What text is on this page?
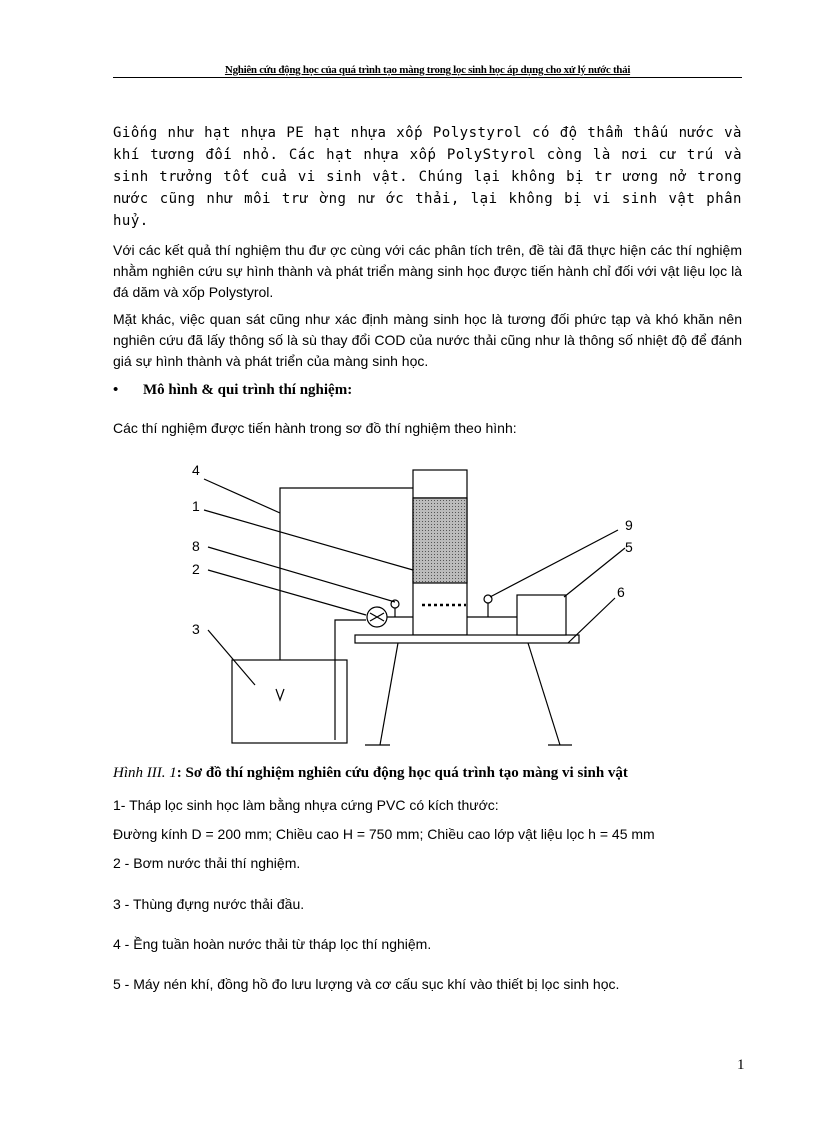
Nghiên cứu động học của quá trình tạo màng trong lọc sinh học áp dụng cho xử lý nước thải
Giống như hạt nhựa PE hạt nhựa xốp Polystyrol có độ thẩm thấu nước và khí tương đối nhỏ. Các hạt nhựa xốp PolyStyrol còng là nơi cư trú và sinh trưởng tốt cuả vi sinh vật. Chúng lại không bị tr ương nở trong nước cũng như môi trư ờng nư ớc thải, lại không bị vi sinh vật phân huỷ.
Với các kết quả thí nghiệm thu đư ợc cùng với các phân tích trên, đề tài đã thực hiện các thí nghiệm nhằm nghiên cứu sự hình thành và phát triển màng sinh học được tiến hành chỉ đối với vật liệu lọc là đá dăm và xốp Polystyrol.
Mặt khác, việc quan sát cũng như xác định màng sinh học là tương đối phức tạp và khó khăn nên nghiên cứu đã lấy thông số là sù thay đổi COD của nước thải cũng như là thông số nhiệt độ để đánh giá sự hình thành và phát triển của màng sinh học.
• Mô hình & qui trình thí nghiệm:
Các thí nghiệm được tiến hành trong sơ đồ thí nghiệm theo hình:
4
1
8
2
3
9
5
6
Hình III. 1: Sơ đồ thí nghiệm nghiên cứu động học quá trình tạo màng vi sinh vật
1- Tháp lọc sinh học làm bằng nhựa cứng PVC có kích thước:
Đường kính D = 200 mm; Chiều cao H = 750 mm; Chiều cao lớp vật liệu lọc h = 45 mm
2 - Bơm nước thải thí nghiệm.
3 - Thùng đựng nước thải đầu.
4 - Ềng tuần hoàn nước thải từ tháp lọc thí nghiệm.
5 - Máy nén khí, đồng hồ đo lưu lượng và cơ cấu sục khí vào thiết bị lọc sinh học.
1
